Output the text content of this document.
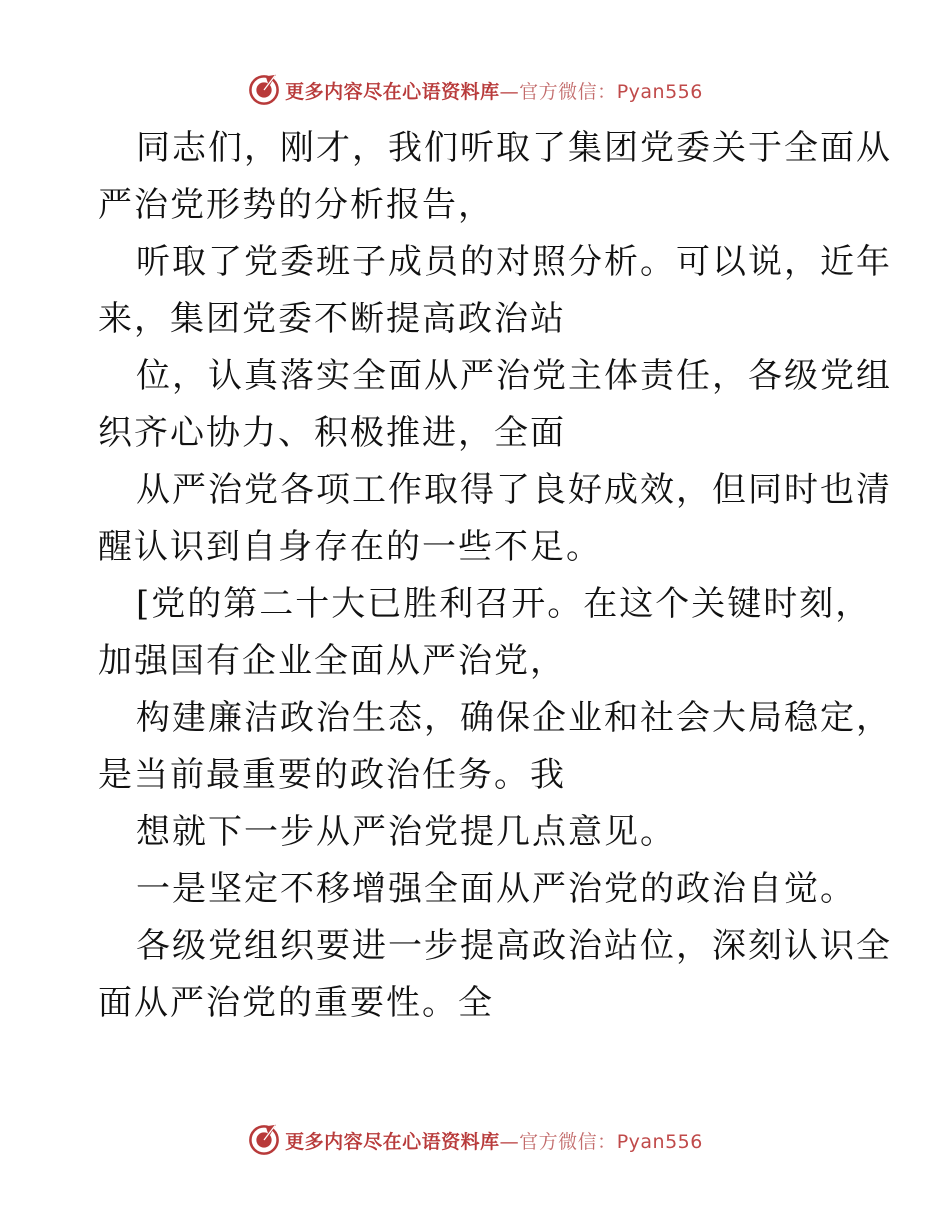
更多内容尽在心语资料库—官方微信：Pyan556
同志们，刚才，我们听取了集团党委关于全面从
严治党形势的分析报告，
听取了党委班子成员的对照分析。可以说，近年
来，集团党委不断提高政治站
位，认真落实全面从严治党主体责任，各级党组
织齐心协力、积极推进，全面
从严治党各项工作取得了良好成效，但同时也清
醒认识到自身存在的一些不足。
[党的第二十大已胜利召开。在这个关键时刻，
加强国有企业全面从严治党，
构建廉洁政治生态，确保企业和社会大局稳定，
是当前最重要的政治任务。我
想就下一步从严治党提几点意见。
一是坚定不移增强全面从严治党的政治自觉。
各级党组织要进一步提高政治站位，深刻认识全
面从严治党的重要性。全
更多内容尽在心语资料库—官方微信：Pyan556
